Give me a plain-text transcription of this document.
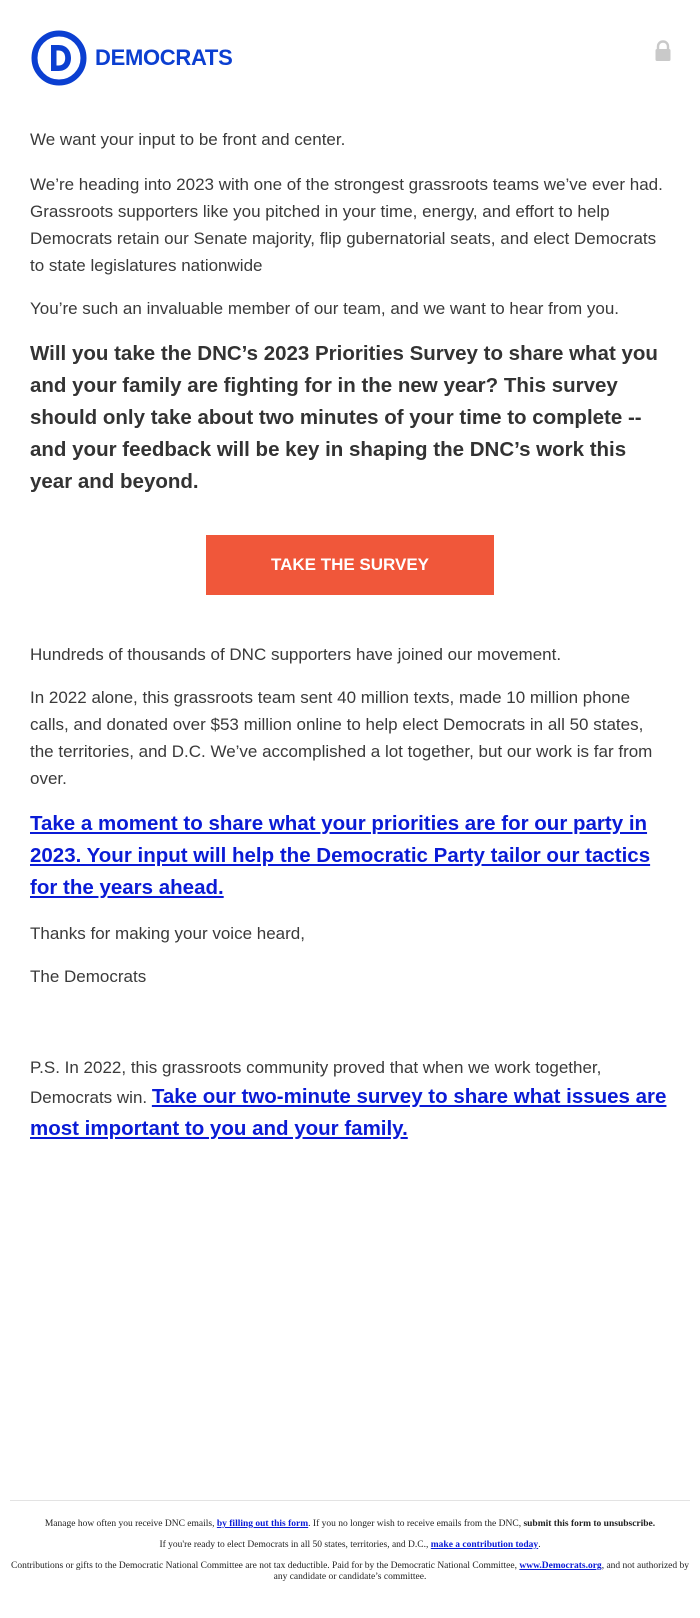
DEMOCRATS

We want your input to be front and center.

We’re heading into 2023 with one of the strongest grassroots teams we’ve ever had. Grassroots supporters like you pitched in your time, energy, and effort to help Democrats retain our Senate majority, flip gubernatorial seats, and elect Democrats to state legislatures nationwide

You’re such an invaluable member of our team, and we want to hear from you.

Will you take the DNC’s 2023 Priorities Survey to share what you and your family are fighting for in the new year? This survey should only take about two minutes of your time to complete -- and your feedback will be key in shaping the DNC’s work this year and beyond.

TAKE THE SURVEY

Hundreds of thousands of DNC supporters have joined our movement.

In 2022 alone, this grassroots team sent 40 million texts, made 10 million phone calls, and donated over $53 million online to help elect Democrats in all 50 states, the territories, and D.C. We’ve accomplished a lot together, but our work is far from over.

Take a moment to share what your priorities are for our party in 2023. Your input will help the Democratic Party tailor our tactics for the years ahead.

Thanks for making your voice heard,

The Democrats

P.S. In 2022, this grassroots community proved that when we work together, Democrats win. Take our two-minute survey to share what issues are most important to you and your family.

Manage how often you receive DNC emails, by filling out this form. If you no longer wish to receive emails from the DNC, submit this form to unsubscribe.

If you're ready to elect Democrats in all 50 states, territories, and D.C., make a contribution today.

Contributions or gifts to the Democratic National Committee are not tax deductible. Paid for by the Democratic National Committee, www.Democrats.org, and not authorized by any candidate or candidate’s committee.
